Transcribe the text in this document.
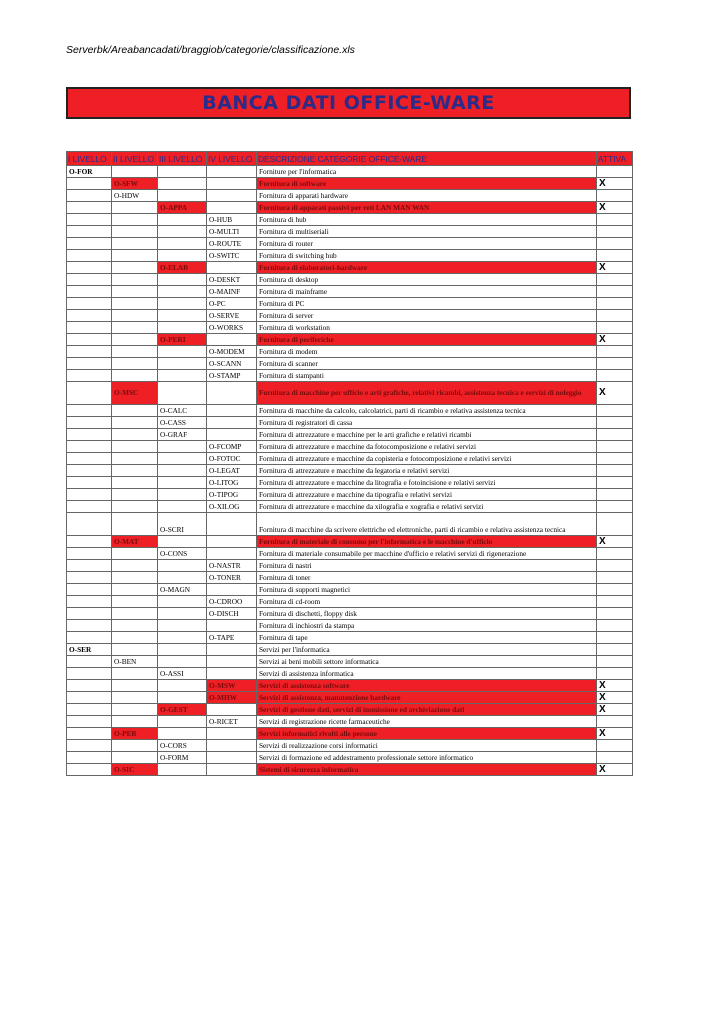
Serverbk/Areabancadati/braggiob/categorie/classificazione.xls
BANCA DATI OFFICE-WARE
I LIVELLO	II LIVELLO	III LIVELLO	IV LIVELLO	DESCRIZIONE CATEGORIE OFFICE-WARE	ATTIVA
O-FOR				Forniture per l'informatica	
	O-SFW			Fornitura di software	X
	O-HDW			Fornitura di apparati hardware	
		O-APPA		Fornitura di apparati passivi per reti LAN MAN WAN	X
			O-HUB	Fornitura di hub	
			O-MULTI	Fornitura di multiseriali	
			O-ROUTE	Fornitura di router	
			O-SWITC	Fornitura di switching hub	
		O-ELAB		Fornitura di elaboratori-hardware	X
			O-DESKT	Fornitura di desktop	
			O-MAINF	Fornitura di mainframe	
			O-PC	Fornitura di PC	
			O-SERVE	Fornitura di server	
			O-WORKS	Fornitura di workstation	
		O-PERI		Fornitura di periferiche	X
			O-MODEM	Fornitura di modem	
			O-SCANN	Fornitura di scanner	
			O-STAMP	Fornitura di stampanti	
	O-MSC			Fornitura di macchine per ufficio e arti grafiche, relativi ricambi, assistenza tecnica e servizi di noleggio	X
		O-CALC		Fornitura di macchine da calcolo, calcolatrici, parti di ricambio e relativa assistenza tecnica	
		O-CASS		Fornitura di registratori di cassa	
		O-GRAF		Fornitura di attrezzature e macchine per le arti grafiche e relativi ricambi	
			O-FCOMP	Fornitura di attrezzature e macchine da fotocomposizione e relativi servizi	
			O-FOTOC	Fornitura di attrezzature e macchine da copisteria e fotocomposizione e relativi servizi	
			O-LEGAT	Fornitura di attrezzature e macchine da legatoria e relativi servizi	
			O-LITOG	Fornitura di attrezzature e macchine da litografia e fotoincisione e relativi servizi	
			O-TIPOG	Fornitura di attrezzature e macchine da tipografia e relativi servizi	
			O-XILOG	Fornitura di attrezzature e macchine da xilografia e xografia e relativi servizi	
		O-SCRI		Fornitura di macchine da scrivere elettriche ed elettroniche, parti di ricambio e relativa assistenza tecnica	
	O-MAT			Fornitura di materiale di consumo per l'informatica e le macchine d'ufficio	X
		O-CONS		Fornitura di materiale consumabile per macchine d'ufficio e relativi servizi di rigenerazione	
			O-NASTR	Fornitura di nastri	
			O-TONER	Fornitura di toner	
		O-MAGN		Fornitura di supporti magnetici	
			O-CDROO	Fornitura di cd-room	
			O-DISCH	Fornitura di dischetti, floppy disk	
				Fornitura di inchiostri da stampa	
			O-TAPE	Fornitura di tape	
O-SER				Servizi per l'informatica	
	O-BEN			Servizi ai beni mobili settore informatica	
		O-ASSI		Servizi di assistenza informatica	
			O-MSW	Servizi di assistenza software	X
			O-MHW	Servizi di assistenza, manutenzione hardware	X
		O-GEST		Servizi di gestione dati, servizi di immissione ed archiviazione dati	X
			O-RICET	Servizi di registrazione ricette farmaceutiche	
	O-PER			Servizi informatici rivolti alle persone	X
		O-CORS		Servizi di realizzazione corsi informatici	
		O-FORM		Servizi di formazione ed addestramento professionale settore informatico	
	O-SIC			Sistemi di sicurezza informatica	X
